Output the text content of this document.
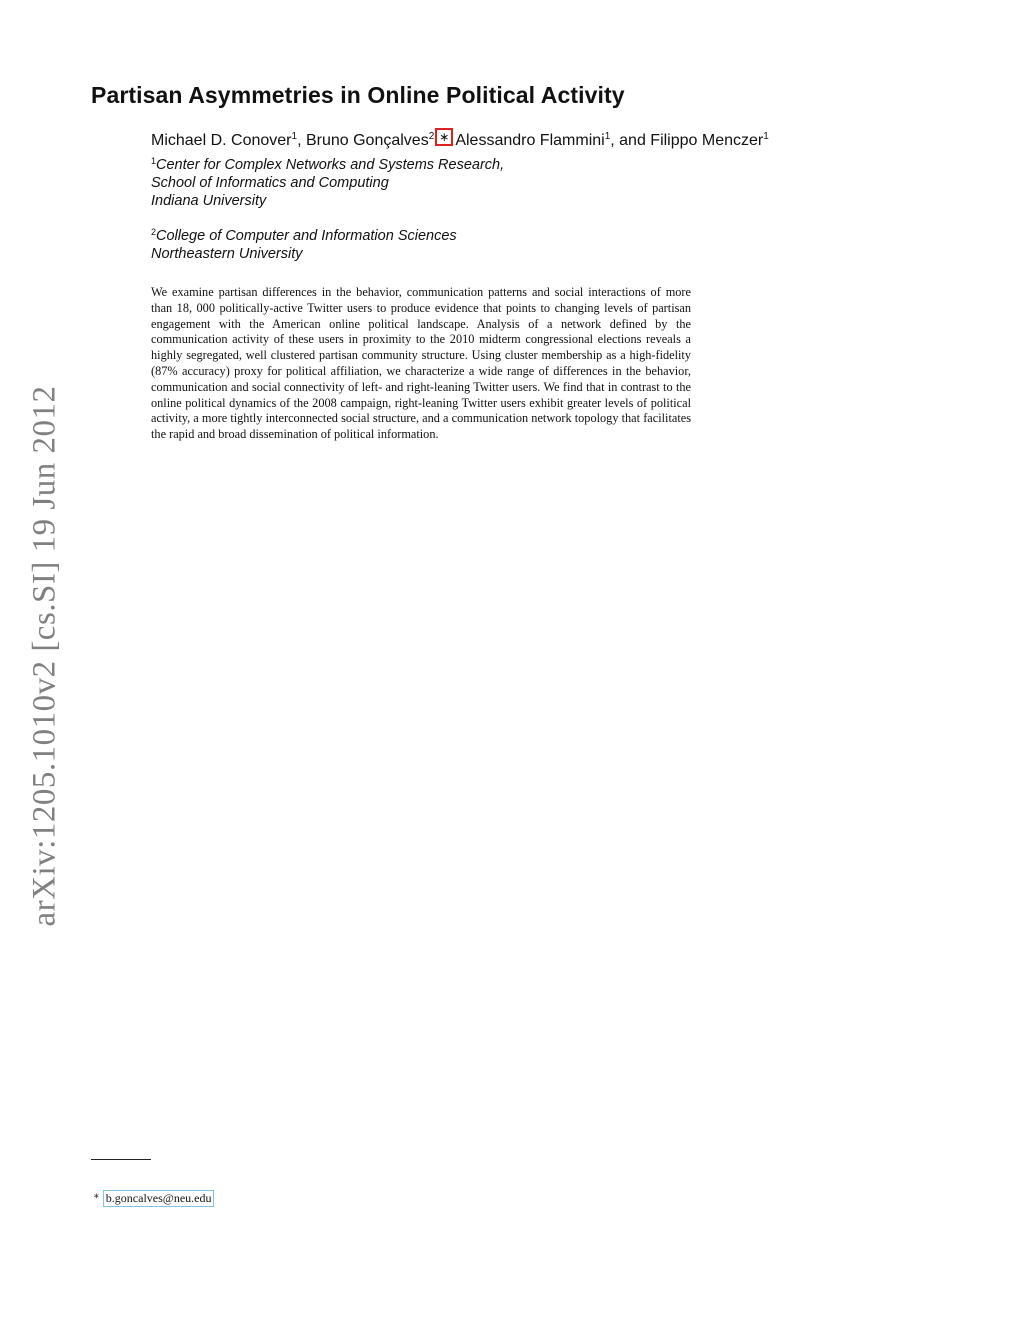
Partisan Asymmetries in Online Political Activity
Michael D. Conover$^1$, Bruno Gonçalves$^2$ ∗ Alessandro Flammini$^1$, and Filippo Menczer$^1$
$^1$Center for Complex Networks and Systems Research,
School of Informatics and Computing
Indiana University
$^2$College of Computer and Information Sciences
Northeastern University

We examine partisan differences in the behavior, communication patterns and social interactions of more than 18, 000 politically-active Twitter users to produce evidence that points to changing levels of partisan engagement with the American online political landscape. Analysis of a network defined by the communication activity of these users in proximity to the 2010 midterm congressional elections reveals a highly segregated, well clustered partisan community structure. Using cluster membership as a high-fidelity (87% accuracy) proxy for political affiliation, we characterize a wide range of differences in the behavior, communication and social connectivity of left- and right-leaning Twitter users. We find that in contrast to the online political dynamics of the 2008 campaign, right-leaning Twitter users exhibit greater levels of political activity, a more tightly interconnected social structure, and a communication network topology that facilitates the rapid and broad dissemination of political information.

arXiv:1205.1010v2 [cs.SI] 19 Jun 2012
∗ b.goncalves@neu.edu
